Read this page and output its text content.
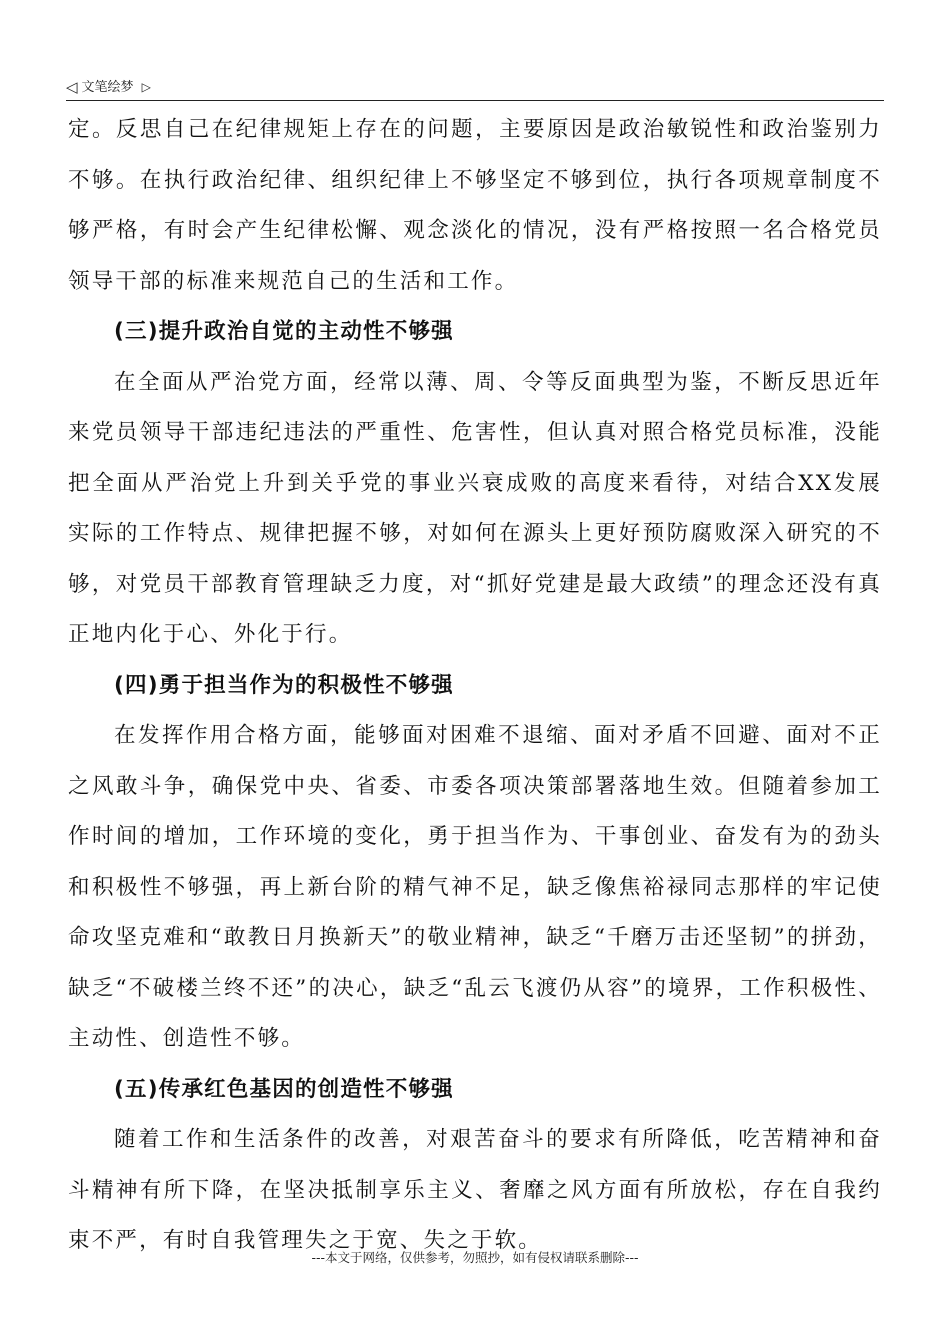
◁ 文笔绘梦 ▷

定。反思自己在纪律规矩上存在的问题，主要原因是政治敏锐性和政治鉴别力不够。在执行政治纪律、组织纪律上不够坚定不够到位，执行各项规章制度不够严格，有时会产生纪律松懈、观念淡化的情况，没有严格按照一名合格党员领导干部的标准来规范自己的生活和工作。

(三)提升政治自觉的主动性不够强

在全面从严治党方面，经常以薄、周、令等反面典型为鉴，不断反思近年来党员领导干部违纪违法的严重性、危害性，但认真对照合格党员标准，没能把全面从严治党上升到关乎党的事业兴衰成败的高度来看待，对结合XX发展实际的工作特点、规律把握不够，对如何在源头上更好预防腐败深入研究的不够，对党员干部教育管理缺乏力度，对“抓好党建是最大政绩”的理念还没有真正地内化于心、外化于行。

(四)勇于担当作为的积极性不够强

在发挥作用合格方面，能够面对困难不退缩、面对矛盾不回避、面对不正之风敢斗争，确保党中央、省委、市委各项决策部署落地生效。但随着参加工作时间的增加，工作环境的变化，勇于担当作为、干事创业、奋发有为的劲头和积极性不够强，再上新台阶的精气神不足，缺乏像焦裕禄同志那样的牢记使命攻坚克难和“敢教日月换新天”的敬业精神，缺乏“千磨万击还坚韧”的拼劲，缺乏“不破楼兰终不还”的决心，缺乏“乱云飞渡仍从容”的境界，工作积极性、主动性、创造性不够。

(五)传承红色基因的创造性不够强

随着工作和生活条件的改善，对艰苦奋斗的要求有所降低，吃苦精神和奋斗精神有所下降，在坚决抵制享乐主义、奢靡之风方面有所放松，存在自我约束不严，有时自我管理失之于宽、失之于软。

---本文于网络，仅供参考，勿照抄，如有侵权请联系删除---
